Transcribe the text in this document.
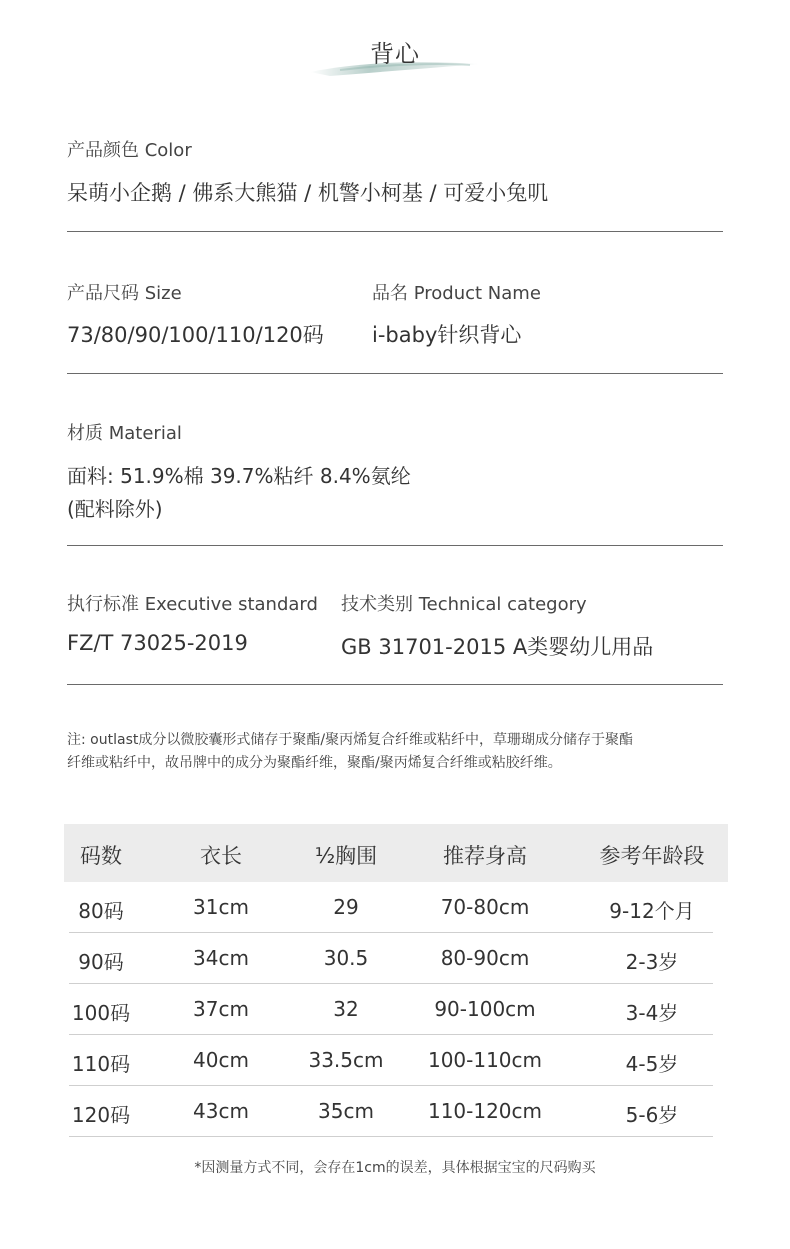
背心
产品颜色 Color
呆萌小企鹅 / 佛系大熊猫 / 机警小柯基 / 可爱小兔叽
产品尺码 Size
73/80/90/100/110/120码
品名 Product Name
i-baby针织背心
材质 Material
面料: 51.9%棉 39.7%粘纤 8.4%氨纶
(配料除外)
执行标准 Executive standard
FZ/T 73025-2019
技术类别 Technical category
GB 31701-2015 A类婴幼儿用品
注: outlast成分以微胶囊形式储存于聚酯/聚丙烯复合纤维或粘纤中，草珊瑚成分储存于聚酯
纤维或粘纤中，故吊牌中的成分为聚酯纤维，聚酯/聚丙烯复合纤维或粘胶纤维。
码数	衣长	½胸围	推荐身高	参考年龄段
80码	31cm	29	70-80cm	9-12个月
90码	34cm	30.5	80-90cm	2-3岁
100码	37cm	32	90-100cm	3-4岁
110码	40cm	33.5cm	100-110cm	4-5岁
120码	43cm	35cm	110-120cm	5-6岁
*因测量方式不同，会存在1cm的误差，具体根据宝宝的尺码购买
